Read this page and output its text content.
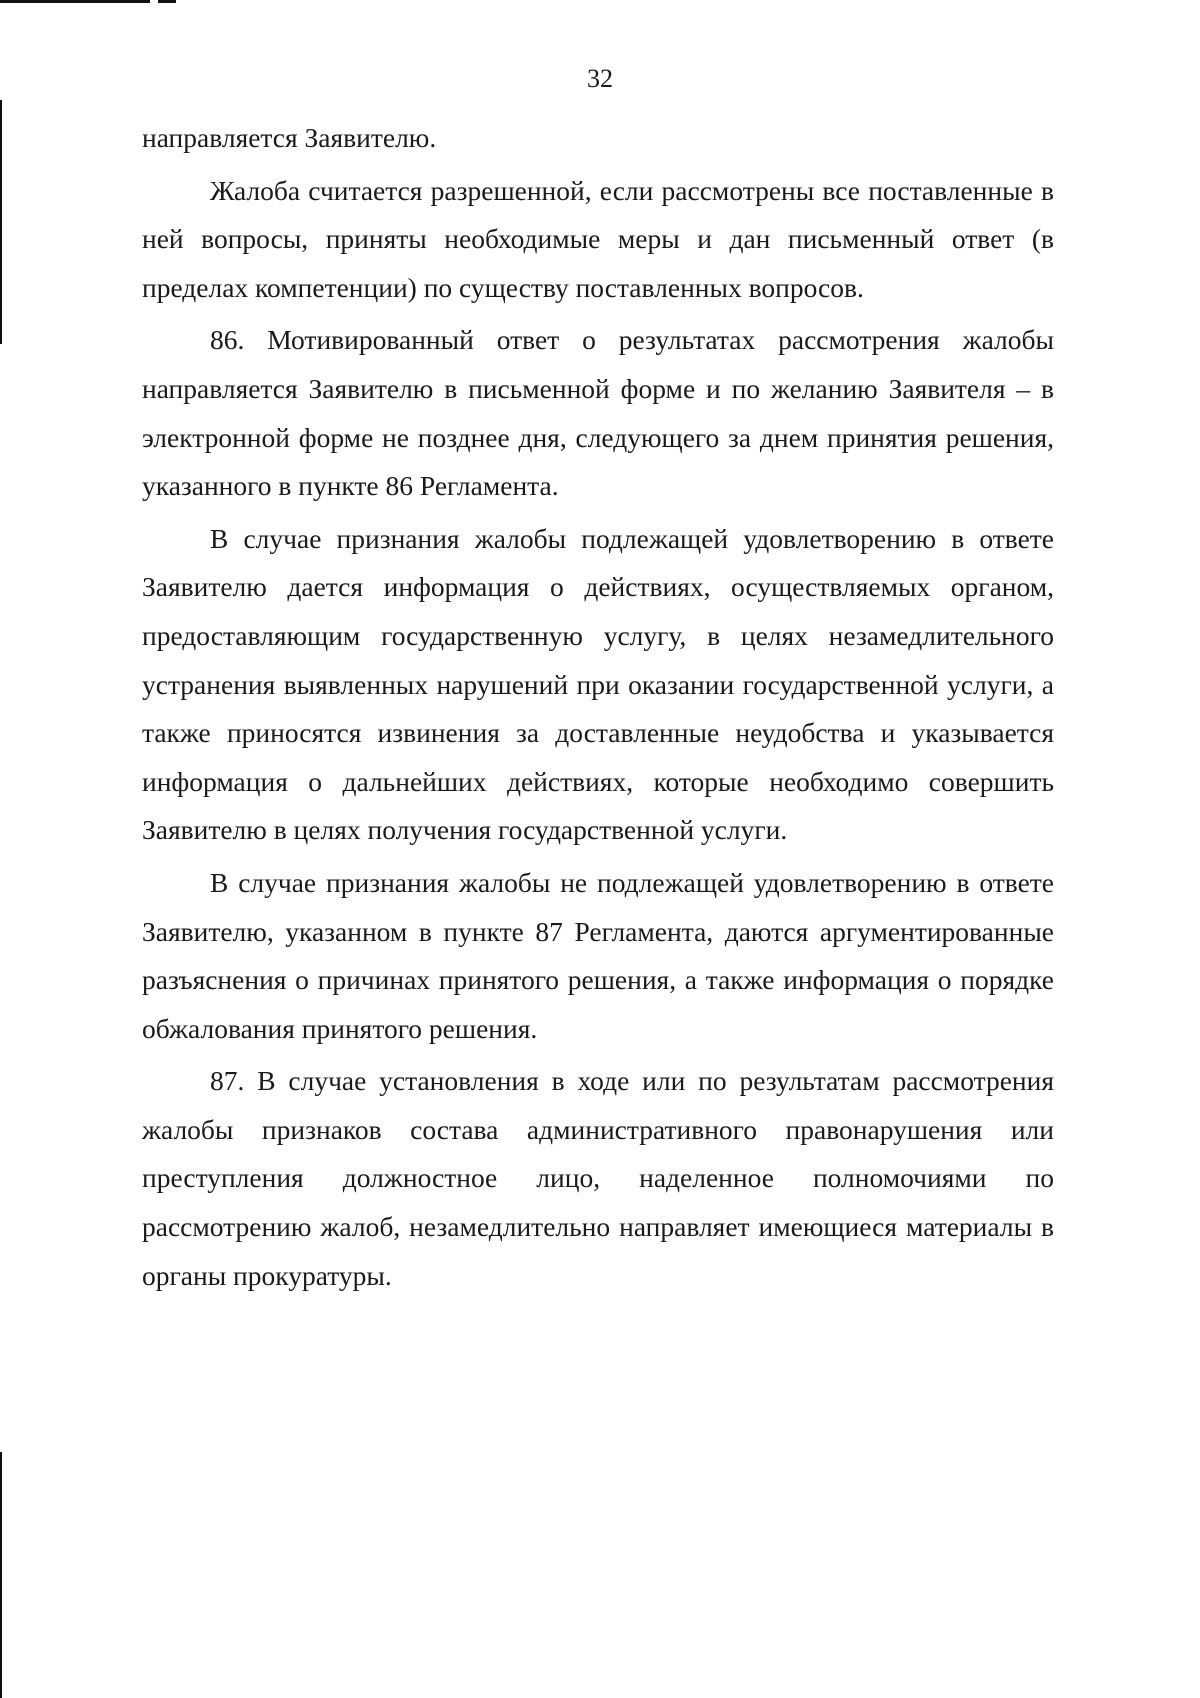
32

направляется Заявителю.

Жалоба считается разрешенной, если рассмотрены все поставленные в ней вопросы, приняты необходимые меры и дан письменный ответ (в пределах компетенции) по существу поставленных вопросов.

86. Мотивированный ответ о результатах рассмотрения жалобы направляется Заявителю в письменной форме и по желанию Заявителя – в электронной форме не позднее дня, следующего за днем принятия решения, указанного в пункте 86 Регламента.

В случае признания жалобы подлежащей удовлетворению в ответе Заявителю дается информация о действиях, осуществляемых органом, предоставляющим государственную услугу, в целях незамедлительного устранения выявленных нарушений при оказании государственной услуги, а также приносятся извинения за доставленные неудобства и указывается информация о дальнейших действиях, которые необходимо совершить Заявителю в целях получения государственной услуги.

В случае признания жалобы не подлежащей удовлетворению в ответе Заявителю, указанном в пункте 87 Регламента, даются аргументированные разъяснения о причинах принятого решения, а также информация о порядке обжалования принятого решения.

87. В случае установления в ходе или по результатам рассмотрения жалобы признаков состава административного правонарушения или преступления должностное лицо, наделенное полномочиями по рассмотрению жалоб, незамедлительно направляет имеющиеся материалы в органы прокуратуры.
